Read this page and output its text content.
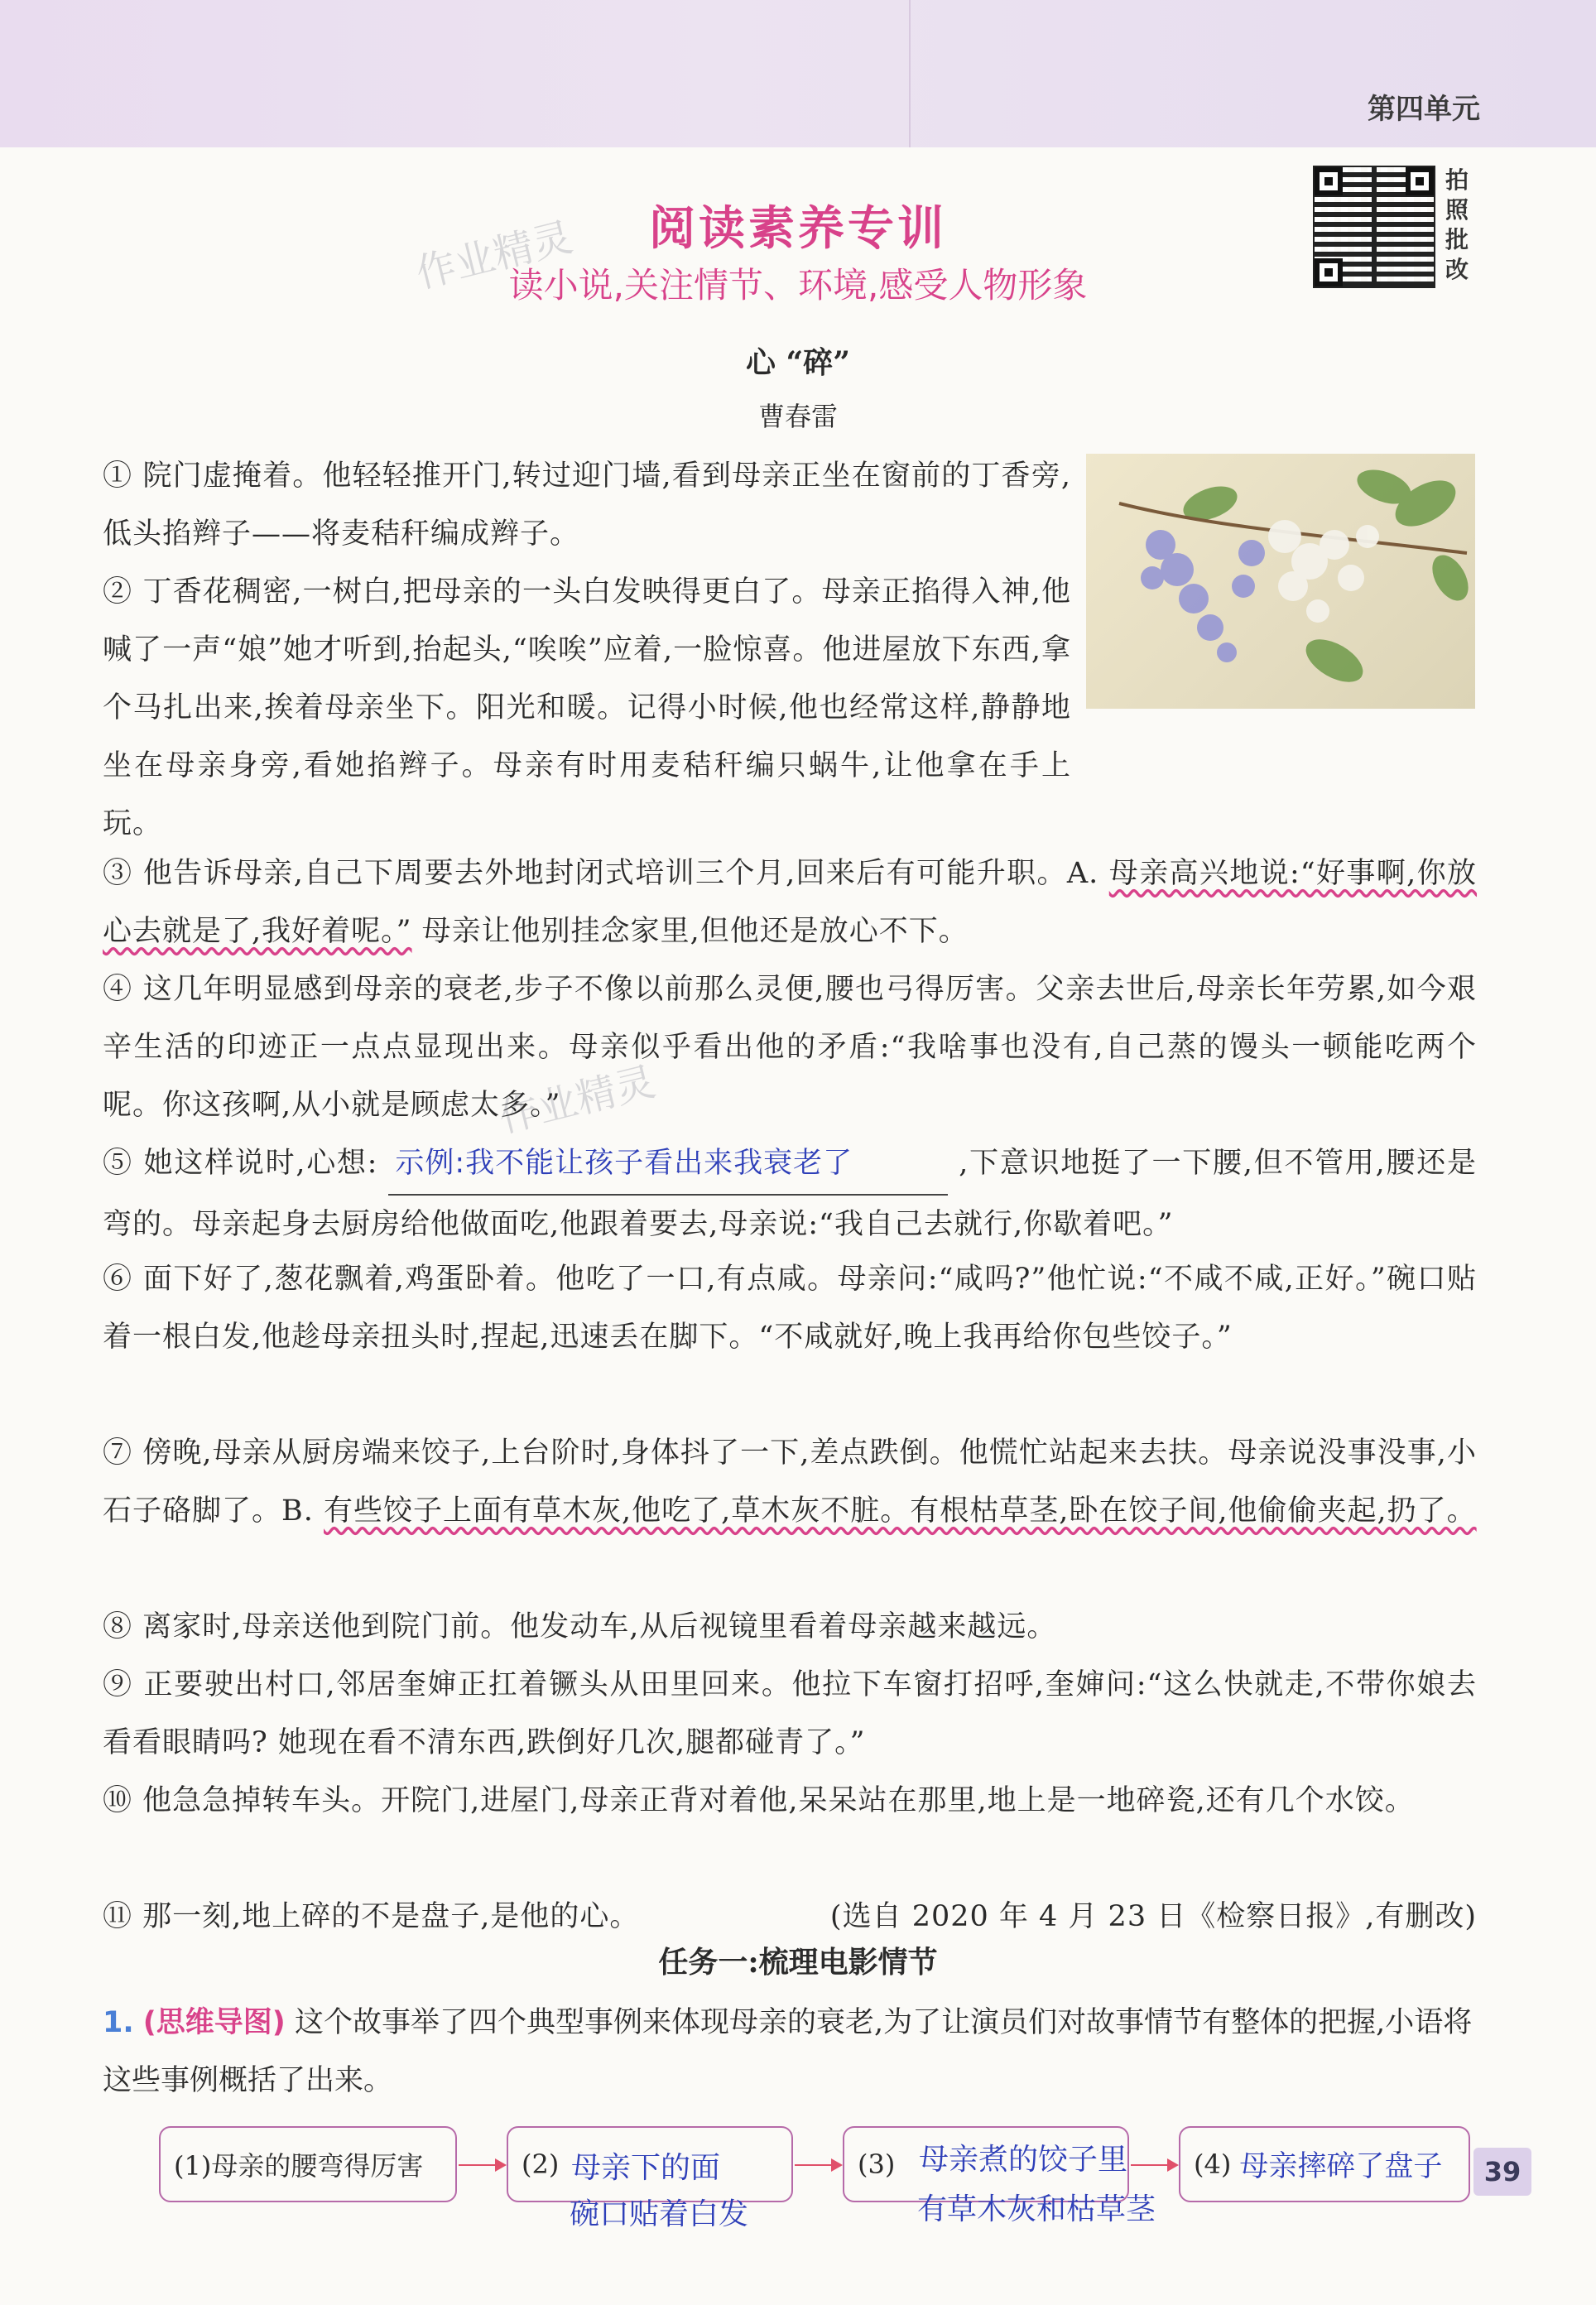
第四单元
拍照批改
阅读素养专训
读小说,关注情节、环境,感受人物形象
作业精灵
作业精灵
心 “碎”
曹春雷
① 院门虚掩着。他轻轻推开门,转过迎门墙,看到母亲正坐在窗前的丁香旁,低头掐辫子——将麦秸秆编成辫子。
② 丁香花稠密,一树白,把母亲的一头白发映得更白了。母亲正掐得入神,他喊了一声“娘”她才听到,抬起头,“唉唉”应着,一脸惊喜。他进屋放下东西,拿个马扎出来,挨着母亲坐下。阳光和暖。记得小时候,他也经常这样,静静地坐在母亲身旁,看她掐辫子。母亲有时用麦秸秆编只蜗牛,让他拿在手上玩。
③ 他告诉母亲,自己下周要去外地封闭式培训三个月,回来后有可能升职。A. 母亲高兴地说:“好事啊,你放心去就是了,我好着呢。” 母亲让他别挂念家里,但他还是放心不下。
④ 这几年明显感到母亲的衰老,步子不像以前那么灵便,腰也弓得厉害。父亲去世后,母亲长年劳累,如今艰辛生活的印迹正一点点显现出来。母亲似乎看出他的矛盾:“我啥事也没有,自己蒸的馒头一顿能吃两个呢。你这孩啊,从小就是顾虑太多。”
⑤ 她这样说时,心想: 示例:我不能让孩子看出来我衰老了	,下意识地挺了一下腰,但不管用,腰还是弯的。母亲起身去厨房给他做面吃,他跟着要去,母亲说:“我自己去就行,你歇着吧。”
⑥ 面下好了,葱花飘着,鸡蛋卧着。他吃了一口,有点咸。母亲问:“咸吗?”他忙说:“不咸不咸,正好。”碗口贴着一根白发,他趁母亲扭头时,捏起,迅速丢在脚下。“不咸就好,晚上我再给你包些饺子。”
⑦ 傍晚,母亲从厨房端来饺子,上台阶时,身体抖了一下,差点跌倒。他慌忙站起来去扶。母亲说没事没事,小石子硌脚了。B. 有些饺子上面有草木灰,他吃了,草木灰不脏。有根枯草茎,卧在饺子间,他偷偷夹起,扔了。
⑧ 离家时,母亲送他到院门前。他发动车,从后视镜里看着母亲越来越远。
⑨ 正要驶出村口,邻居奎婶正扛着镢头从田里回来。他拉下车窗打招呼,奎婶问:“这么快就走,不带你娘去看看眼睛吗? 她现在看不清东西,跌倒好几次,腿都碰青了。”
⑩ 他急急掉转车头。开院门,进屋门,母亲正背对着他,呆呆站在那里,地上是一地碎瓷,还有几个水饺。
⑪ 那一刻,地上碎的不是盘子,是他的心。	(选自 2020 年 4 月 23 日《检察日报》,有删改)
任务一:梳理电影情节
1. (思维导图) 这个故事举了四个典型事例来体现母亲的衰老,为了让演员们对故事情节有整体的把握,小语将这些事例概括了出来。
(1)母亲的腰弯得厉害	(2) 母亲下的面
碗口贴着白发
(3) 母亲煮的饺子里
有草木灰和枯草茎
(4) 母亲摔碎了盘子	39
